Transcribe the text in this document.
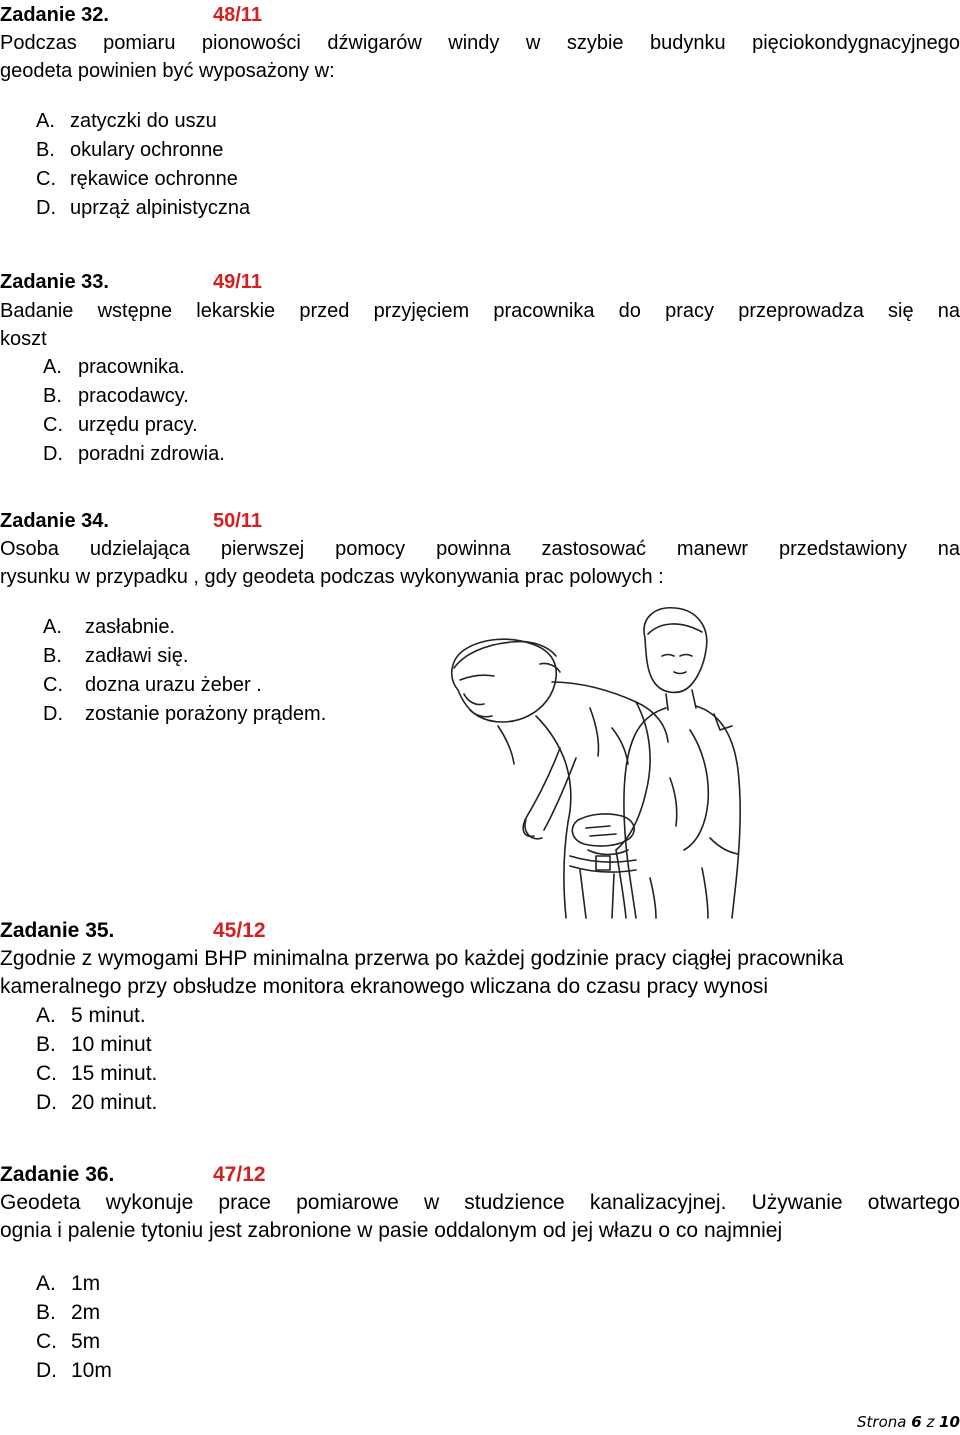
Zadanie 32.	48/11

Podczas pomiaru pionowości dźwigarów windy w szybie budynku pięciokondygnacyjnego

geodeta powinien być wyposażony w:

A. zatyczki do uszu
B. okulary ochronne
C. rękawice ochronne
D. uprząż alpinistyczna
Zadanie 33.	49/11

Badanie wstępne lekarskie przed przyjęciem pracownika do pracy przeprowadza się na

koszt

A. pracownika.
B. pracodawcy.
C. urzędu pracy.
D. poradni zdrowia.
Zadanie 34.	50/11

Osoba udzielająca pierwszej pomocy powinna zastosować manewr przedstawiony na

rysunku w przypadku , gdy geodeta podczas wykonywania prac polowych :

A. zasłabnie.
B. zadławi się.
C. dozna urazu żeber .
D. zostanie porażony prądem.
Zadanie 35.	45/12

Zgodnie z wymogami BHP minimalna przerwa po każdej godzinie pracy ciągłej pracownika

kameralnego przy obsłudze monitora ekranowego wliczana do czasu pracy wynosi

A. 5 minut.
B. 10 minut
C. 15 minut.
D. 20 minut.
Zadanie 36.	47/12

Geodeta wykonuje prace pomiarowe w studzience kanalizacyjnej. Używanie otwartego

ognia i palenie tytoniu jest zabronione w pasie oddalonym od jej włazu o co najmniej

A. 1m
B. 2m
C. 5m
D. 10m
Strona 6 z 10
